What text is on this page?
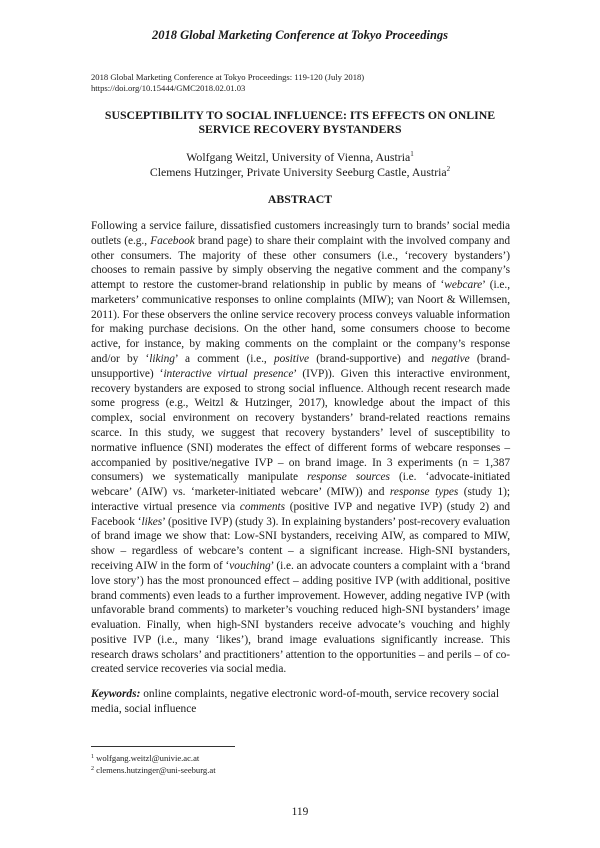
2018 Global Marketing Conference at Tokyo Proceedings
2018 Global Marketing Conference at Tokyo Proceedings: 119-120 (July 2018)
https://doi.org/10.15444/GMC2018.02.01.03
SUSCEPTIBILITY TO SOCIAL INFLUENCE: ITS EFFECTS ON ONLINE
SERVICE RECOVERY BYSTANDERS
Wolfgang Weitzl, University of Vienna, Austria$^1$
Clemens Hutzinger, Private University Seeburg Castle, Austria$^2$
ABSTRACT

Following a service failure, dissatisfied customers increasingly turn to brands’ social media outlets (e.g., Facebook brand page) to share their complaint with the involved company and other consumers. The majority of these other consumers (i.e., ‘recovery bystanders’) chooses to remain passive by simply observing the negative comment and the company’s attempt to restore the customer-brand relationship in public by means of ‘webcare’ (i.e., marketers’ communicative responses to online complaints (MIW); van Noort & Willemsen, 2011). For these observers the online service recovery process conveys valuable information for making purchase decisions. On the other hand, some consumers choose to become active, for instance, by making comments on the complaint or the company’s response and/or by ‘liking’ a comment (i.e., positive (brand-supportive) and negative (brand-unsupportive) ‘interactive virtual presence’ (IVP)). Given this interactive environment, recovery bystanders are exposed to strong social influence. Although recent research made some progress (e.g., Weitzl & Hutzinger, 2017), knowledge about the impact of this complex, social environment on recovery bystanders’ brand-related reactions remains scarce. In this study, we suggest that recovery bystanders’ level of susceptibility to normative influence (SNI) moderates the effect of different forms of webcare responses – accompanied by positive/negative IVP – on brand image. In 3 experiments (n = 1,387 consumers) we systematically manipulate response sources (i.e. ‘advocate-initiated webcare’ (AIW) vs. ‘marketer-initiated webcare’ (MIW)) and response types (study 1); interactive virtual presence via comments (positive IVP and negative IVP) (study 2) and Facebook ‘likes’ (positive IVP) (study 3). In explaining bystanders’ post-recovery evaluation of brand image we show that: Low-SNI bystanders, receiving AIW, as compared to MIW, show – regardless of webcare’s content – a significant increase. High-SNI bystanders, receiving AIW in the form of ‘vouching’ (i.e. an advocate counters a complaint with a ‘brand love story’) has the most pronounced effect – adding positive IVP (with additional, positive brand comments) even leads to a further improvement. However, adding negative IVP (with unfavorable brand comments) to marketer’s vouching reduced high-SNI bystanders’ image evaluation. Finally, when high-SNI bystanders receive advocate’s vouching and highly positive IVP (i.e., many ‘likes’), brand image evaluations significantly increase. This research draws scholars’ and practitioners’ attention to the opportunities – and perils – of co-created service recoveries via social media.

Keywords: online complaints, negative electronic word-of-mouth, service recovery social media, social influence

$^1$ wolfgang.weitzl@univie.ac.at
$^2$ clemens.hutzinger@uni-seeburg.at
119
